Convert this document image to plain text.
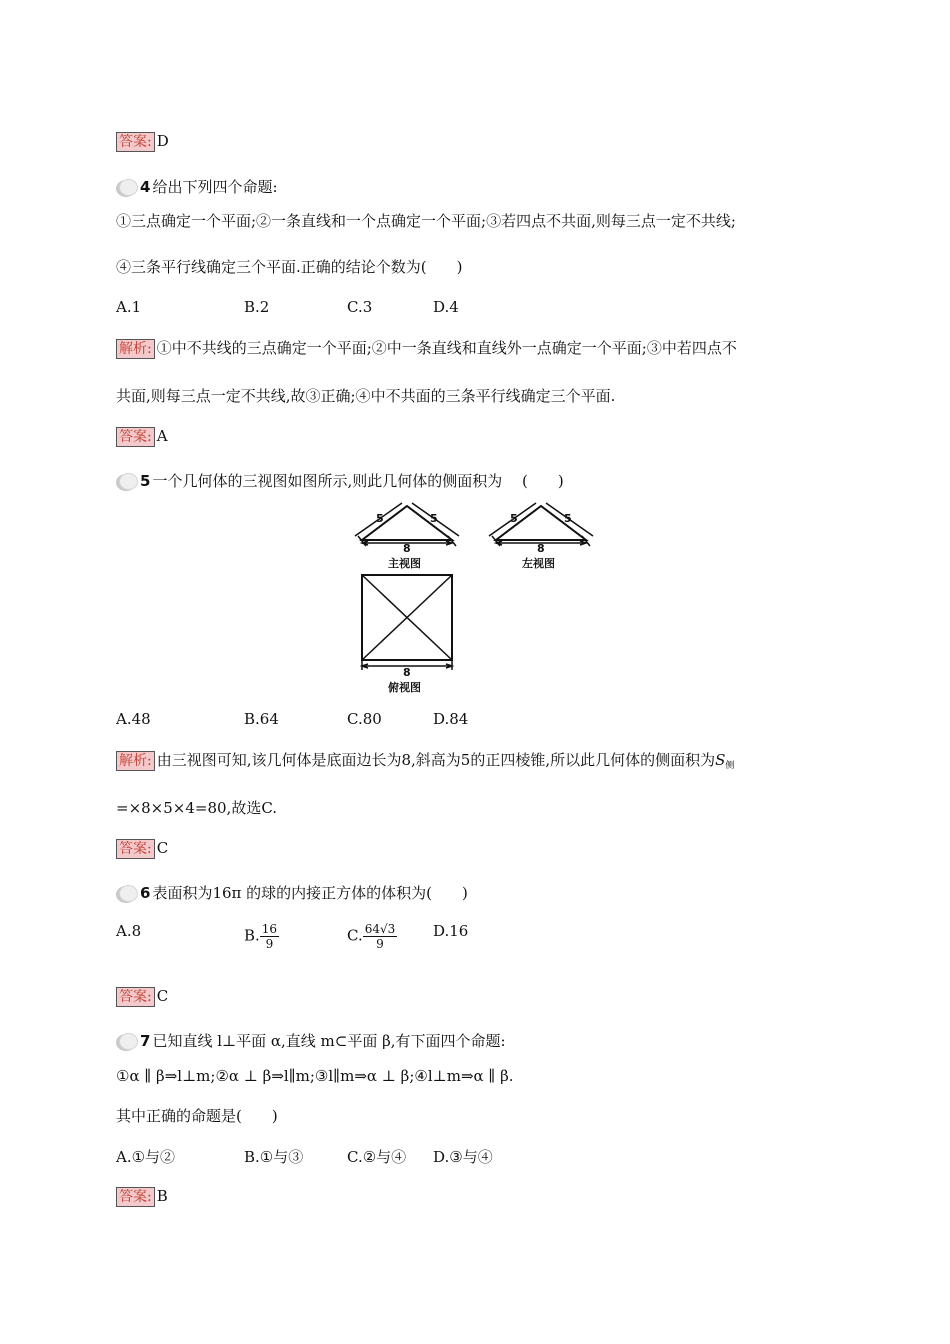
答案: D
4 给出下列四个命题:
①三点确定一个平面;②一条直线和一个点确定一个平面;③若四点不共面,则每三点一定不共线;
④三条平行线确定三个平面.正确的结论个数为(　　)
A.1	B.2	C.3	D.4
解析: ①中不共线的三点确定一个平面;②中一条直线和直线外一点确定一个平面;③中若四点不
共面,则每三点一定不共线,故③正确;④中不共面的三条平行线确定三个平面.
答案: A
5 一个几何体的三视图如图所示,则此几何体的侧面积为　 (　　)
5	5
8
主视图
5	5
8
左视图
8
俯视图
A.48	B.64	C.80	D.84
解析: 由三视图可知,该几何体是底面边长为8,斜高为5的正四棱锥,所以此几何体的侧面积为$S_侧$
=×8×5×4=80,故选C.
答案: C
6 表面积为16π 的球的内接正方体的体积为(　　)
A.8	B. $\frac{16}{9}$	C. $\frac{64√3}{9} D.16$
答案: C
7 已知直线 l⊥平面 α,直线 m⊂平面 β,有下面四个命题:
①α ∥ β⇒l⊥m;②α ⊥ β⇒l∥m;③l∥m⇒α ⊥ β;④l⊥m⇒α ∥ β.
其中正确的命题是(　　)
A.①与②	B.①与③	C.②与④ D.③与④
答案: B
